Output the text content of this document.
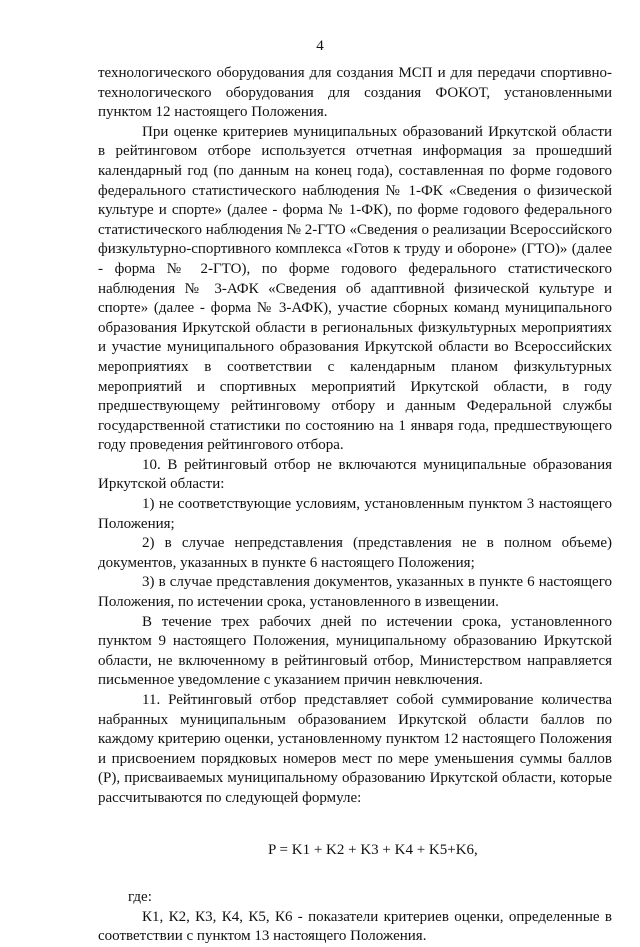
4

технологического оборудования для создания МСП и для передачи спортивно-технологического оборудования для создания ФОКОТ, установленными пунктом 12 настоящего Положения.

При оценке критериев муниципальных образований Иркутской области в рейтинговом отборе используется отчетная информация за прошедший календарный год (по данным на конец года), составленная по форме годового федерального статистического наблюдения № 1-ФК «Сведения о физической культуре и спорте» (далее - форма № 1-ФК), по форме годового федерального статистического наблюдения № 2-ГТО «Сведения о реализации Всероссийского физкультурно-спортивного комплекса «Готов к труду и обороне» (ГТО)» (далее - форма № 2-ГТО), по форме годового федерального статистического наблюдения № 3-АФК «Сведения об адаптивной физической культуре и спорте» (далее - форма № 3-АФК), участие сборных команд муниципального образования Иркутской области в региональных физкультурных мероприятиях и участие муниципального образования Иркутской области во Всероссийских мероприятиях в соответствии с календарным планом физкультурных мероприятий и спортивных мероприятий Иркутской области, в году предшествующему рейтинговому отбору и данным Федеральной службы государственной статистики по состоянию на 1 января года, предшествующего году проведения рейтингового отбора.

10. В рейтинговый отбор не включаются муниципальные образования Иркутской области:

1) не соответствующие условиям, установленным пунктом 3 настоящего Положения;

2) в случае непредставления (представления не в полном объеме) документов, указанных в пункте 6 настоящего Положения;

3) в случае представления документов, указанных в пункте 6 настоящего Положения, по истечении срока, установленного в извещении.

В течение трех рабочих дней по истечении срока, установленного пунктом 9 настоящего Положения, муниципальному образованию Иркутской области, не включенному в рейтинговый отбор, Министерством направляется письменное уведомление с указанием причин невключения.

11. Рейтинговый отбор представляет собой суммирование количества набранных муниципальным образованием Иркутской области баллов по каждому критерию оценки, установленному пунктом 12 настоящего Положения и присвоением порядковых номеров мест по мере уменьшения суммы баллов (P), присваиваемых муниципальному образованию Иркутской области, которые рассчитываются по следующей формуле:

P = K1 + K2 + K3 + K4 + K5+K6,

где:

К1, К2, К3, К4, К5, К6 - показатели критериев оценки, определенные в соответствии с пунктом 13 настоящего Положения.
